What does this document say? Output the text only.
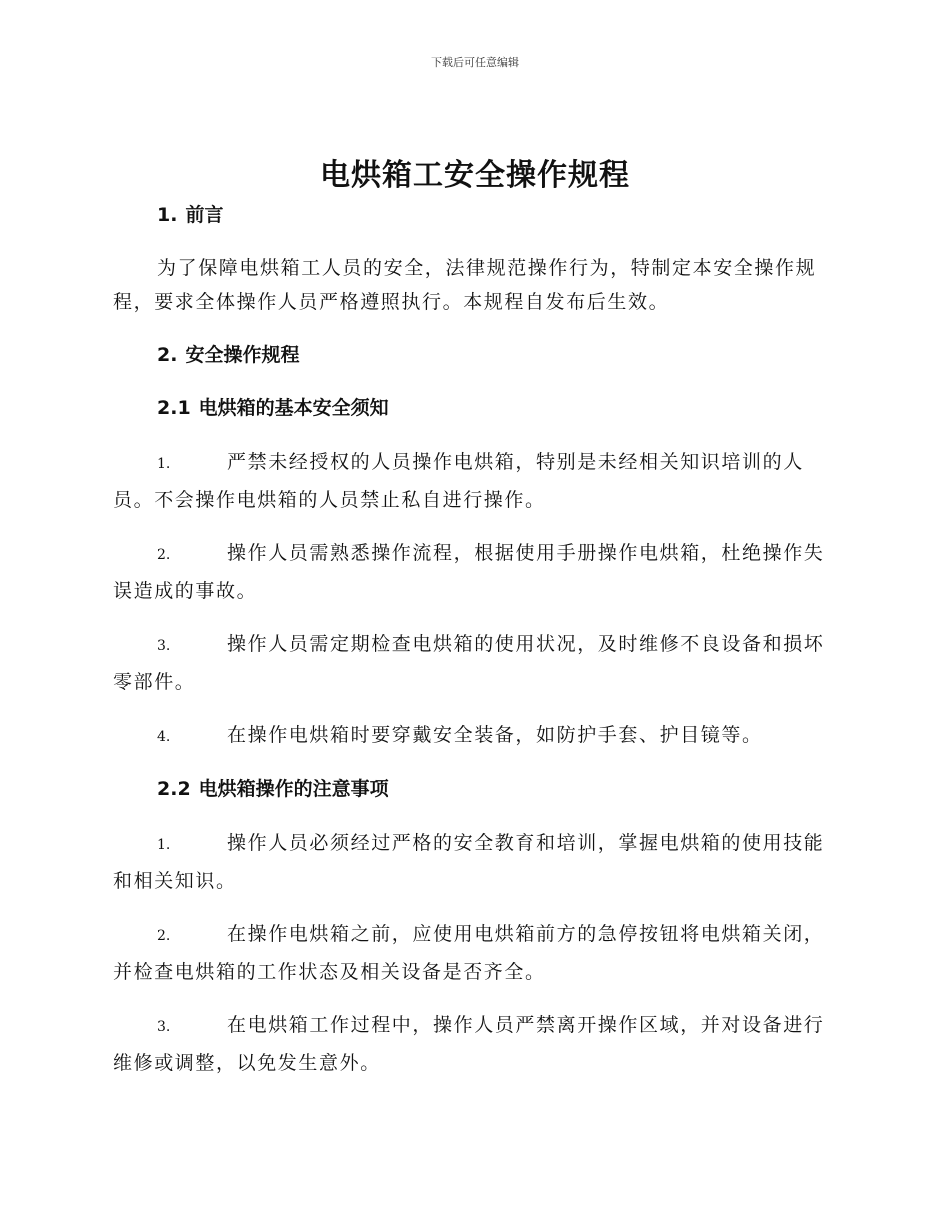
下载后可任意编辑
电烘箱工安全操作规程
1. 前言
为了保障电烘箱工人员的安全，法律规范操作行为，特制定本安全操作规程，要求全体操作人员严格遵照执行。本规程自发布后生效。
2. 安全操作规程
2.1 电烘箱的基本安全须知
1.	严禁未经授权的人员操作电烘箱，特别是未经相关知识培训的人员。不会操作电烘箱的人员禁止私自进行操作。
2.	操作人员需熟悉操作流程，根据使用手册操作电烘箱，杜绝操作失误造成的事故。
3.	操作人员需定期检查电烘箱的使用状况，及时维修不良设备和损坏零部件。
4.	在操作电烘箱时要穿戴安全装备，如防护手套、护目镜等。
2.2 电烘箱操作的注意事项
1.	操作人员必须经过严格的安全教育和培训，掌握电烘箱的使用技能和相关知识。
2.	在操作电烘箱之前，应使用电烘箱前方的急停按钮将电烘箱关闭，并检查电烘箱的工作状态及相关设备是否齐全。
3.	在电烘箱工作过程中，操作人员严禁离开操作区域，并对设备进行维修或调整，以免发生意外。
